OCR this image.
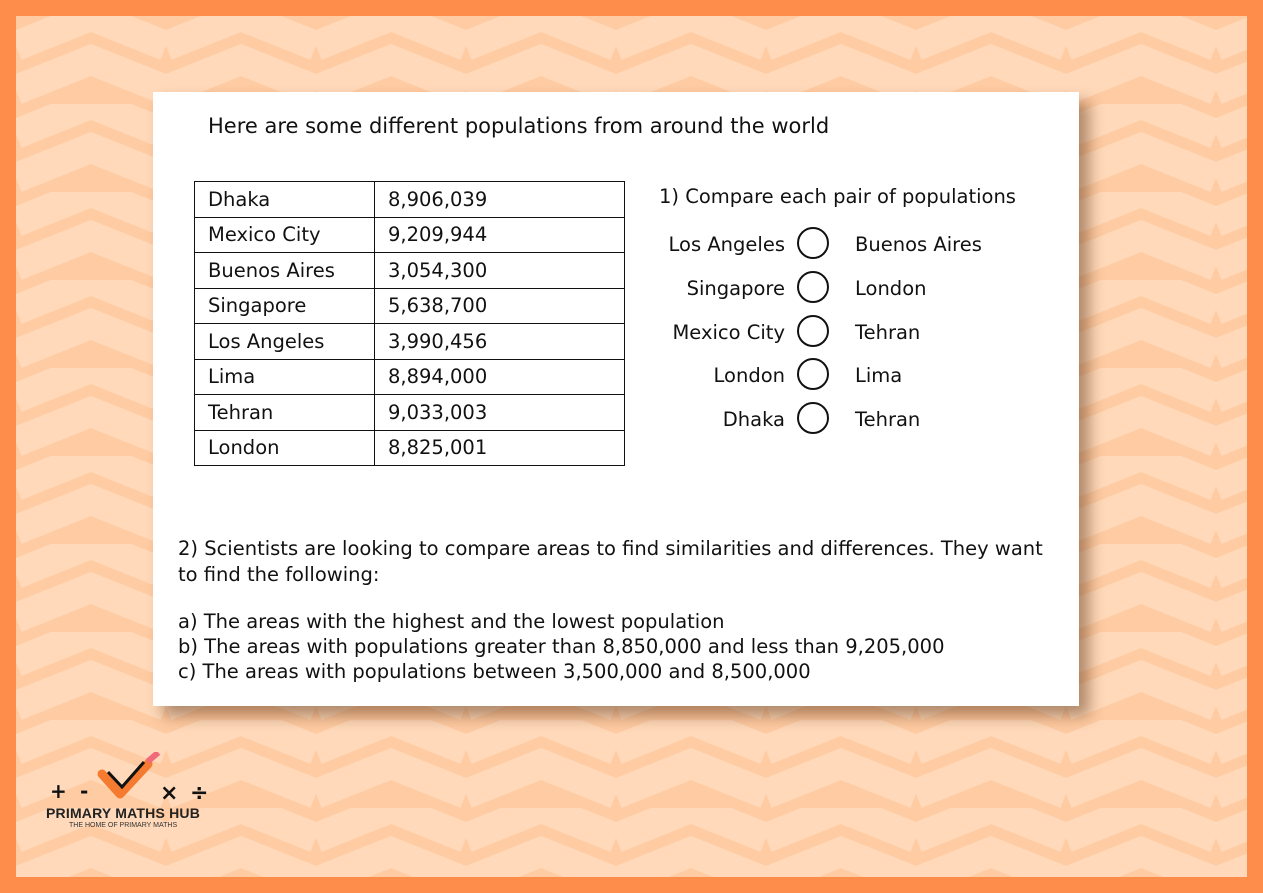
Here are some different populations from around the world
Dhaka	8,906,039
Mexico City	9,209,944
Buenos Aires	3,054,300
Singapore	5,638,700
Los Angeles	3,990,456
Lima	8,894,000
Tehran	9,033,003
London	8,825,001
1) Compare each pair of populations
Los Angeles	Buenos Aires
Singapore	London
Mexico City	Tehran
London	Lima
Dhaka	Tehran

2) Scientists are looking to compare areas to find similarities and differences. They want to find the following:

a) The areas with the highest and the lowest population
b) The areas with populations greater than 8,850,000 and less than 9,205,000
c) The areas with populations between 3,500,000 and 8,500,000
+ -	× ÷
PRIMARY MATHS HUB
THE HOME OF PRIMARY MATHS
